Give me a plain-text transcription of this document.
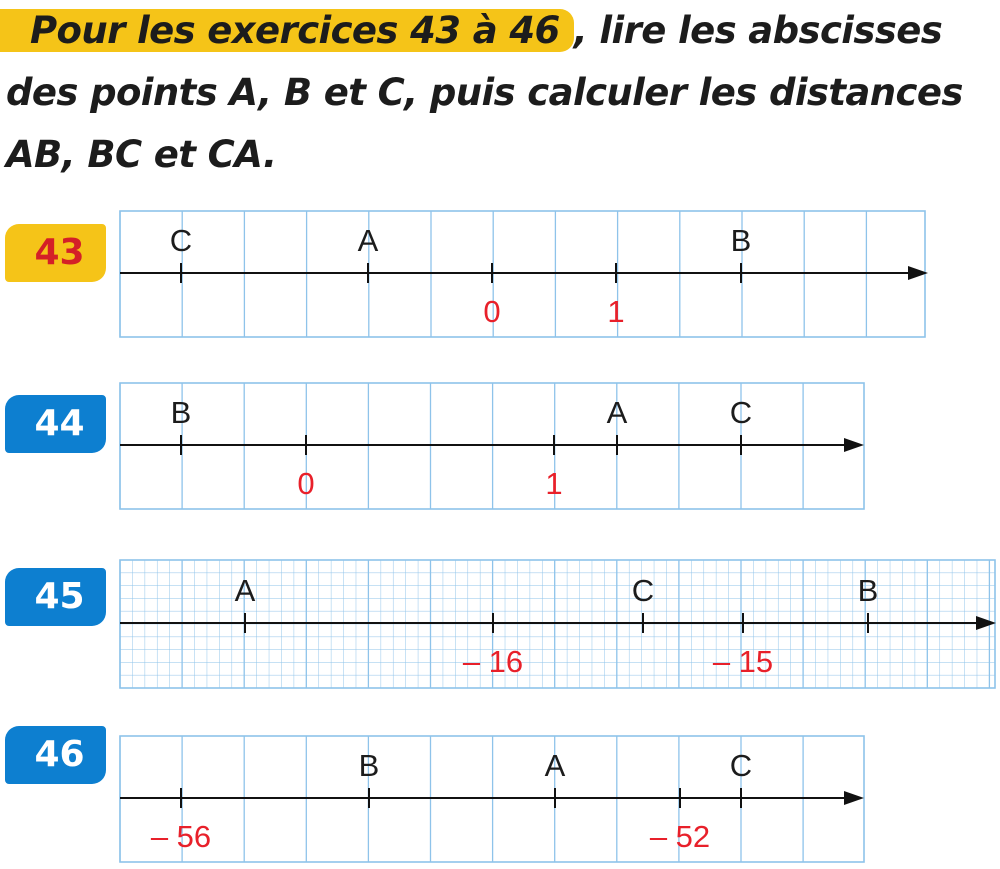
Pour les exercices 43 à 46 , lire les abscisses des points A, B et C, puis calculer les distances AB, BC et CA.
43
44
45
46
C	A	B
0	1
B	A	C
0	1
A	C	B
– 16	– 15
B	A	C
– 56	– 52
